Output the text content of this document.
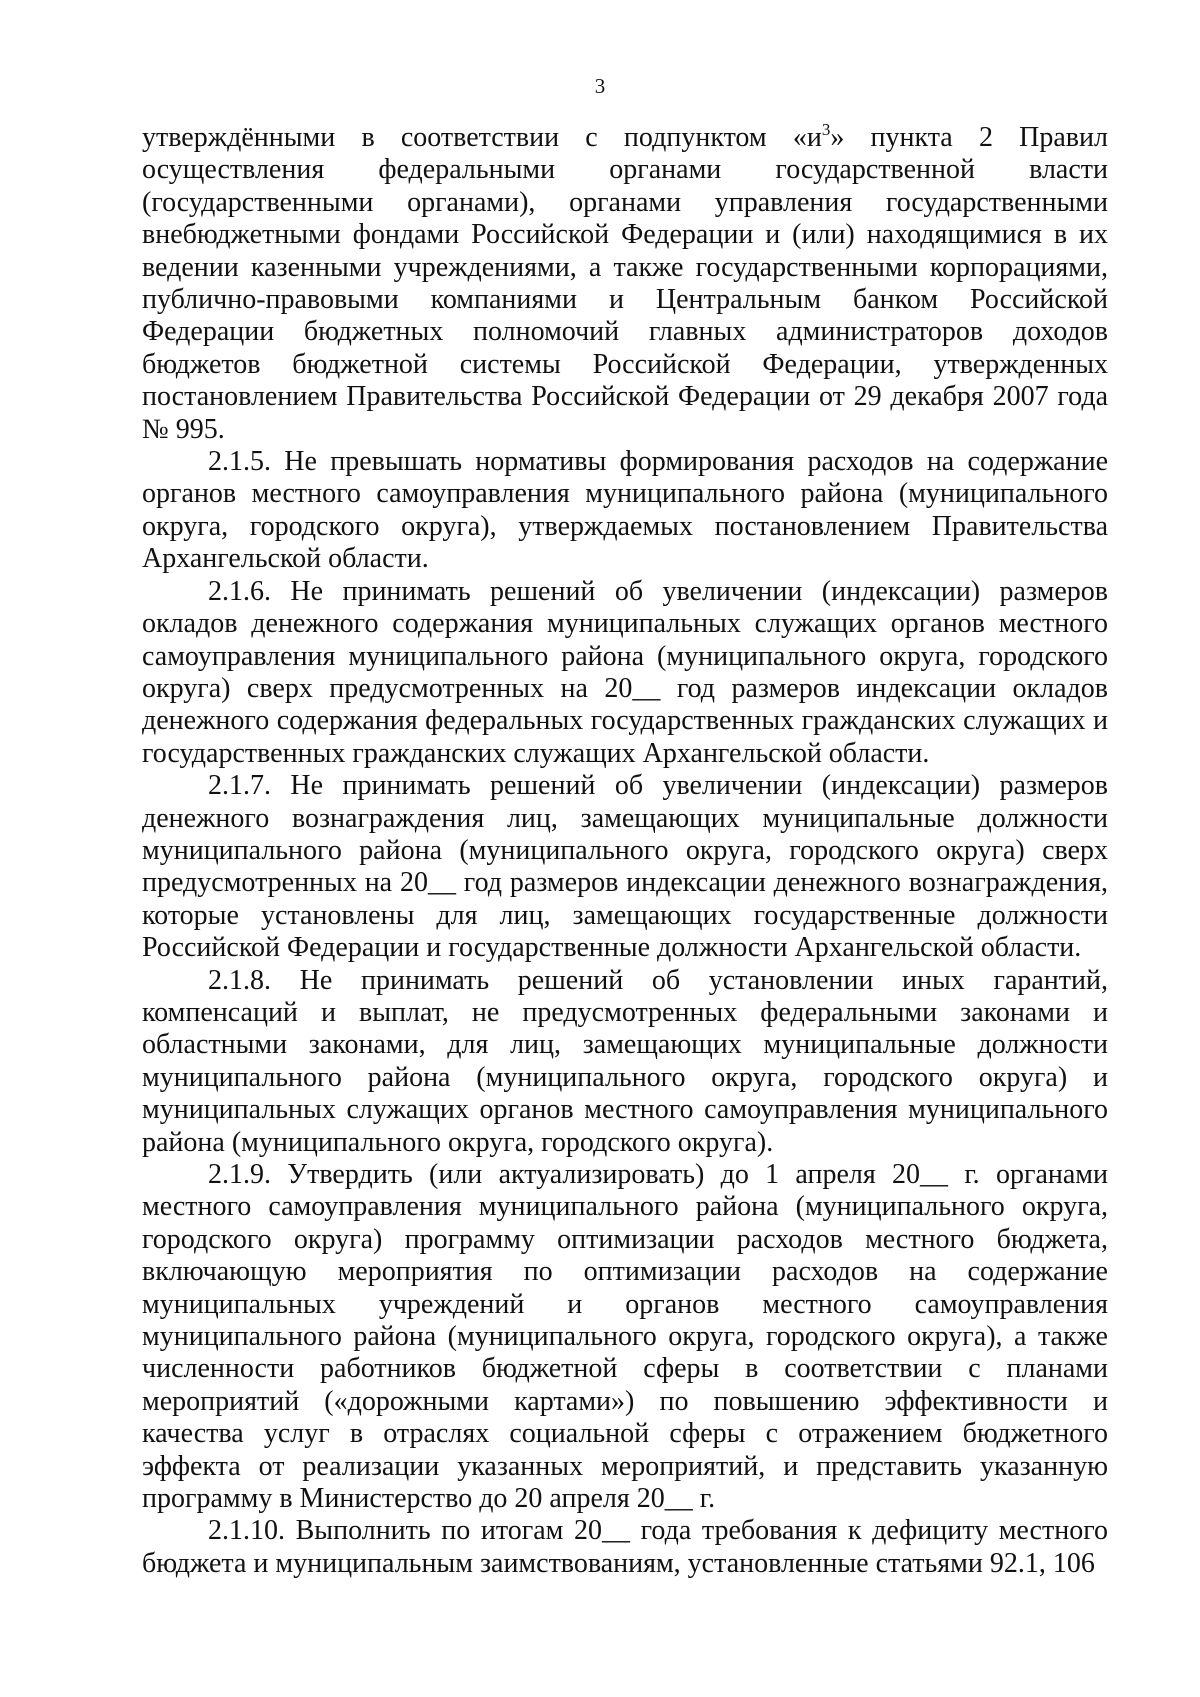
3

утверждёнными в соответствии с подпунктом «$и^3$» пункта 2 Правил осуществления федеральными органами государственной власти (государственными органами), органами управления государственными внебюджетными фондами Российской Федерации и (или) находящимися в их ведении казенными учреждениями, а также государственными корпорациями, публично-правовыми компаниями и Центральным банком Российской Федерации бюджетных полномочий главных администраторов доходов бюджетов бюджетной системы Российской Федерации, утвержденных постановлением Правительства Российской Федерации от 29 декабря 2007 года № 995.

2.1.5. Не превышать нормативы формирования расходов на содержание органов местного самоуправления муниципального района (муниципального округа, городского округа), утверждаемых постановлением Правительства Архангельской области.

2.1.6. Не принимать решений об увеличении (индексации) размеров окладов денежного содержания муниципальных служащих органов местного самоуправления муниципального района (муниципального округа, городского округа) сверх предусмотренных на 20__ год размеров индексации окладов денежного содержания федеральных государственных гражданских служащих и государственных гражданских служащих Архангельской области.

2.1.7. Не принимать решений об увеличении (индексации) размеров денежного вознаграждения лиц, замещающих муниципальные должности муниципального района (муниципального округа, городского округа) сверх предусмотренных на 20__ год размеров индексации денежного вознаграждения, которые установлены для лиц, замещающих государственные должности Российской Федерации и государственные должности Архангельской области.

2.1.8. Не принимать решений об установлении иных гарантий, компенсаций и выплат, не предусмотренных федеральными законами и областными законами, для лиц, замещающих муниципальные должности муниципального района (муниципального округа, городского округа) и муниципальных служащих органов местного самоуправления муниципального района (муниципального округа, городского округа).

2.1.9. Утвердить (или актуализировать) до 1 апреля 20__ г. органами местного самоуправления муниципального района (муниципального округа, городского округа) программу оптимизации расходов местного бюджета, включающую мероприятия по оптимизации расходов на содержание муниципальных учреждений и органов местного самоуправления муниципального района (муниципального округа, городского округа), а также численности работников бюджетной сферы в соответствии с планами мероприятий («дорожными картами») по повышению эффективности и качества услуг в отраслях социальной сферы с отражением бюджетного эффекта от реализации указанных мероприятий, и представить указанную программу в Министерство до 20 апреля 20__ г.

2.1.10. Выполнить по итогам 20__ года требования к дефициту местного бюджета и муниципальным заимствованиям, установленные статьями 92.1, 106
